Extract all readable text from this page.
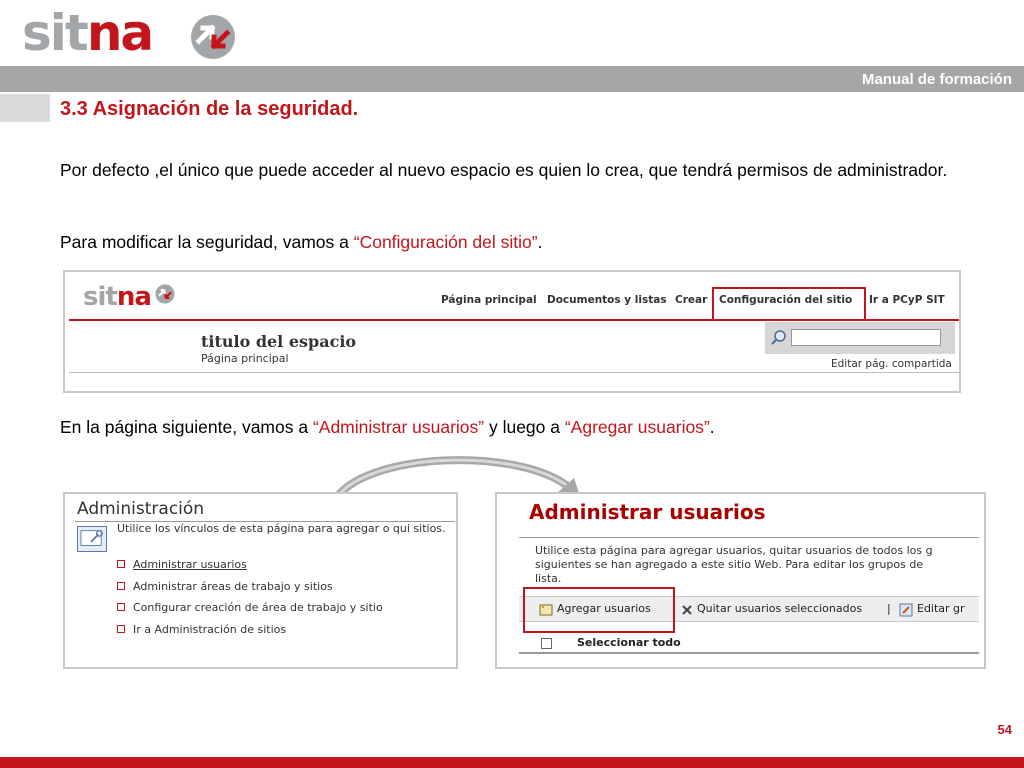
sitna
Manual de formación
3.3 Asignación de la seguridad.
Por defecto ,el único que puede acceder al nuevo espacio es quien lo crea, que tendrá permisos de administrador.
Para modificar la seguridad, vamos a “Configuración del sitio”.
sitna	Página principal Documentos y listas Crear Configuración del sitio Ir a PCyP SIT
titulo del espacio
Página principal	Editar pág. compartida
En la página siguiente, vamos a “Administrar usuarios” y luego a “Agregar usuarios”.
Administración
Utilice los vínculos de esta página para agregar o qui sitios.
Administrar usuarios
Administrar áreas de trabajo y sitios
Configurar creación de área de trabajo y sitio
Ir a Administración de sitios
Administrar usuarios
Utilice esta página para agregar usuarios, quitar usuarios de todos los g
siguientes se han agregado a este sitio Web. Para editar los grupos de
lista.
Agregar usuarios	Quitar usuarios seleccionados | Editar gr
Seleccionar todo
54
